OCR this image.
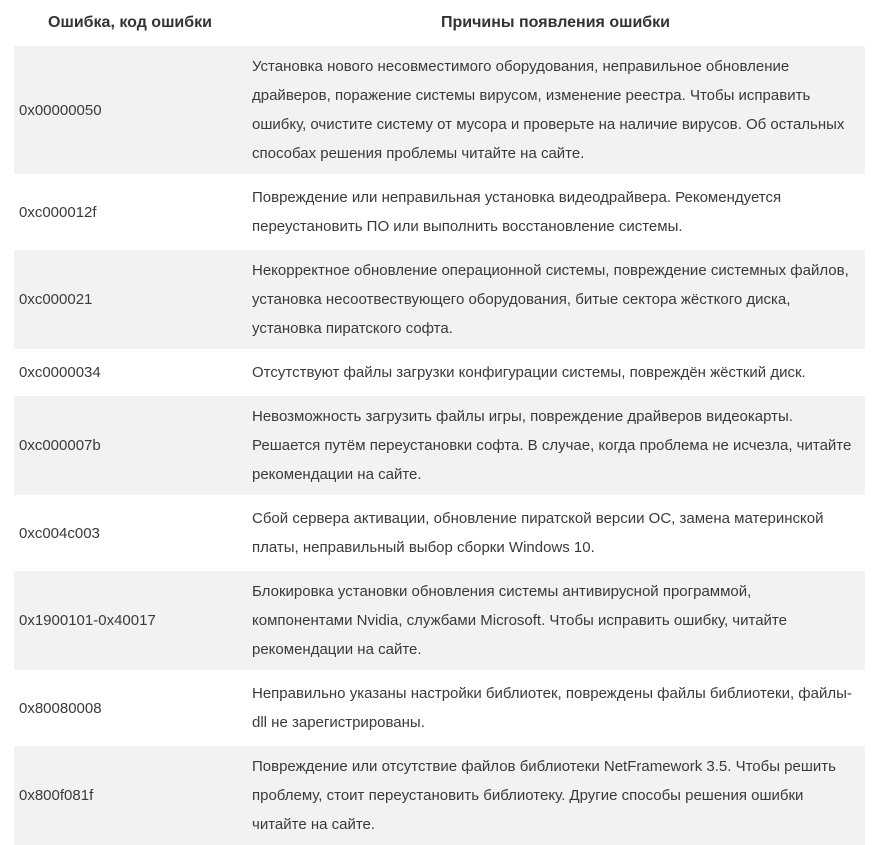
Ошибка, код ошибки	Причины появления ошибки
0x00000050	Установка нового несовместимого оборудования, неправильное обновление драйверов, поражение системы вирусом, изменение реестра. Чтобы исправить ошибку, очистите систему от мусора и проверьте на наличие вирусов. Об остальных способах решения проблемы читайте на сайте.
0xc000012f	Повреждение или неправильная установка видеодрайвера. Рекомендуется переустановить ПО или выполнить восстановление системы.
0xc000021	Некорректное обновление операционной системы, повреждение системных файлов, установка несоотвествующего оборудования, битые сектора жёсткого диска, установка пиратского софта.
0xc0000034	Отсутствуют файлы загрузки конфигурации системы, повреждён жёсткий диск.
0xc000007b	Невозможность загрузить файлы игры, повреждение драйверов видеокарты. Решается путём переустановки софта. В случае, когда проблема не исчезла, читайте рекомендации на сайте.
0xc004c003	Сбой сервера активации, обновление пиратской версии ОС, замена материнской платы, неправильный выбор сборки Windows 10.
0x1900101-0x40017	Блокировка установки обновления системы антивирусной программой, компонентами Nvidia, службами Microsoft. Чтобы исправить ошибку, читайте рекомендации на сайте.
0x80080008	Неправильно указаны настройки библиотек, повреждены файлы библиотеки, файлы-dll не зарегистрированы.
0x800f081f	Повреждение или отсутствие файлов библиотеки NetFramework 3.5. Чтобы решить проблему, стоит переустановить библиотеку. Другие способы решения ошибки читайте на сайте.
